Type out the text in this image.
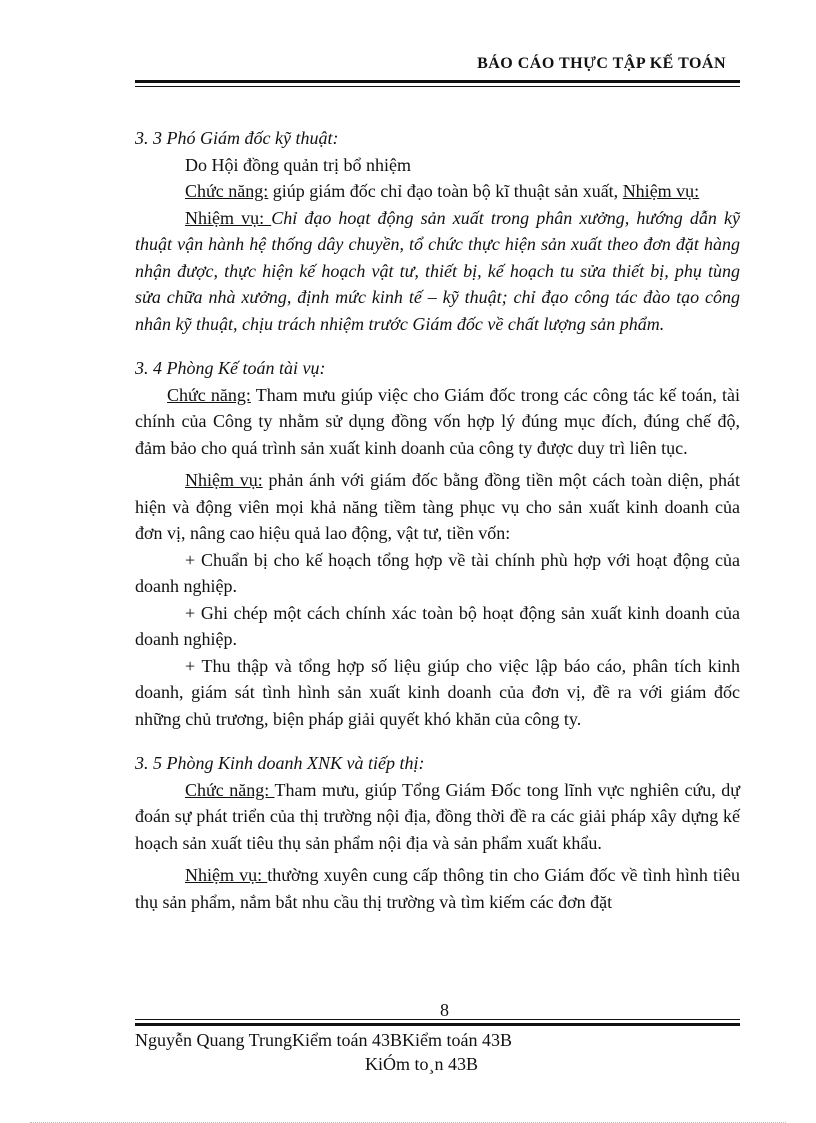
BÁO CÁO THỰC TẬP KẾ TOÁN

3. 3 Phó Giám đốc kỹ thuật:

Do Hội đồng quản trị bổ nhiệm

Chức năng: giúp giám đốc chỉ đạo toàn bộ kĩ thuật sản xuất, Nhiệm vụ:

Nhiệm vụ: Chỉ đạo hoạt động sản xuất trong phân xưởng, hướng dẫn kỹ thuật vận hành hệ thống dây chuyền, tổ chức thực hiện sản xuất theo đơn đặt hàng nhận được, thực hiện kế hoạch vật tư, thiết bị, kế hoạch tu sửa thiết bị, phụ tùng sửa chữa nhà xưởng, định mức kinh tế – kỹ thuật; chỉ đạo công tác đào tạo công nhân kỹ thuật, chịu trách nhiệm trước Giám đốc về chất lượng sản phẩm.

3. 4 Phòng Kế toán tài vụ:

Chức năng: Tham mưu giúp việc cho Giám đốc trong các công tác kế toán, tài chính của Công ty nhằm sử dụng đồng vốn hợp lý đúng mục đích, đúng chế độ, đảm bảo cho quá trình sản xuất kinh doanh của công ty được duy trì liên tục.

Nhiệm vụ: phản ánh với giám đốc bằng đồng tiền một cách toàn diện, phát hiện và động viên mọi khả năng tiềm tàng phục vụ cho sản xuất kinh doanh của đơn vị, nâng cao hiệu quả lao động, vật tư, tiền vốn:

+ Chuẩn bị cho kế hoạch tổng hợp về tài chính phù hợp với hoạt động của doanh nghiệp.

+ Ghi chép một cách chính xác toàn bộ hoạt động sản xuất kinh doanh của doanh nghiệp.

+ Thu thập và tổng hợp số liệu giúp cho việc lập báo cáo, phân tích kinh doanh, giám sát tình hình sản xuất kinh doanh của đơn vị, đề ra với giám đốc những chủ trương, biện pháp giải quyết khó khăn của công ty.

3. 5 Phòng Kinh doanh XNK và tiếp thị:

Chức năng: Tham mưu, giúp Tổng Giám Đốc tong lĩnh vực nghiên cứu, dự đoán sự phát triển của thị trường nội địa, đồng thời đề ra các giải pháp xây dựng kế hoạch sản xuất tiêu thụ sản phẩm nội địa và sản phẩm xuất khẩu.

Nhiệm vụ: thường xuyên cung cấp thông tin cho Giám đốc về tình hình tiêu thụ sản phẩm, nắm bắt nhu cầu thị trường và tìm kiếm các đơn đặt

8
Nguyễn Quang TrungKiểm toán 43BKiểm toán 43B
KiÓm to¸n 43B
